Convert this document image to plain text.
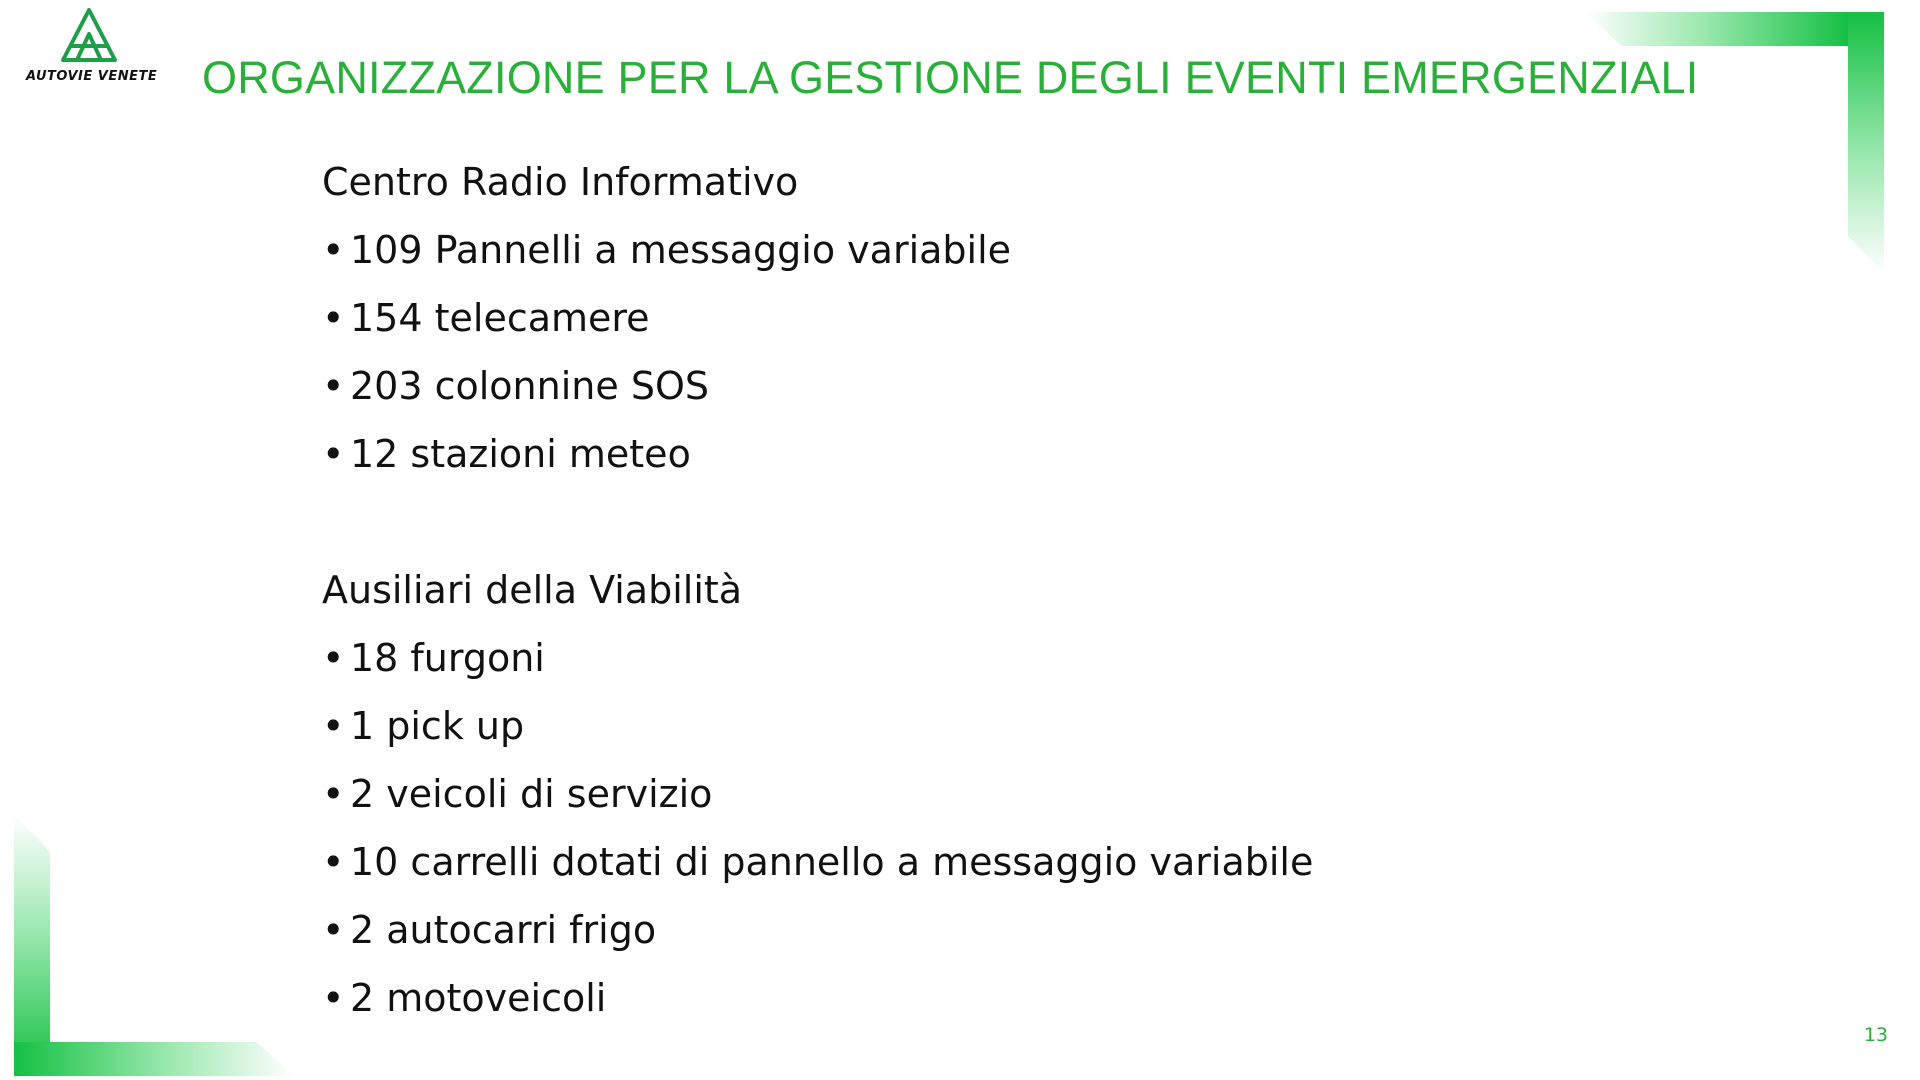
AUTOVIE VENETE ORGANIZZAZIONE PER LA GESTIONE DEGLI EVENTI EMERGENZIALI
Centro Radio Informativo
• 109 Pannelli a messaggio variabile
• 154 telecamere
• 203 colonnine SOS
• 12 stazioni meteo
Ausiliari della Viabilità
• 18 furgoni
• 1 pick up
• 2 veicoli di servizio
• 10 carrelli dotati di pannello a messaggio variabile
• 2 autocarri frigo
• 2 motoveicoli
13
